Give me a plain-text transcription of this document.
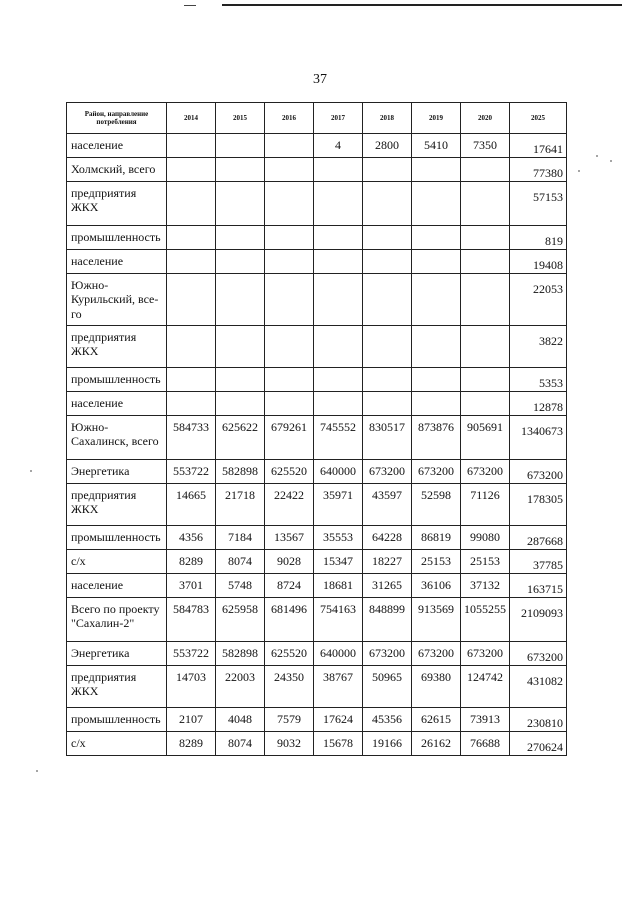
37
Район, направление потребления	2014	2015	2016	2017	2018	2019	2020	2025
население				4	2800	5410	7350	17641
Холмский, всего								77380
предприятия ЖКХ								57153
промышленность								819
население								19408
Южно-Курильский, все-го								22053
предприятия ЖКХ								3822
промышленность								5353
население								12878
Южно-Сахалинск, всего	584733	625622	679261	745552	830517	873876	905691	1340673
Энергетика	553722	582898	625520	640000	673200	673200	673200	673200
предприятия ЖКХ	14665	21718	22422	35971	43597	52598	71126	178305
промышленность	4356	7184	13567	35553	64228	86819	99080	287668
с/х	8289	8074	9028	15347	18227	25153	25153	37785
население	3701	5748	8724	18681	31265	36106	37132	163715
Всего по проекту "Сахалин-2"	584783	625958	681496	754163	848899	913569	1055255	2109093
Энергетика	553722	582898	625520	640000	673200	673200	673200	673200
предприятия ЖКХ	14703	22003	24350	38767	50965	69380	124742	431082
промышленность	2107	4048	7579	17624	45356	62615	73913	230810
с/х	8289	8074	9032	15678	19166	26162	76688	270624
